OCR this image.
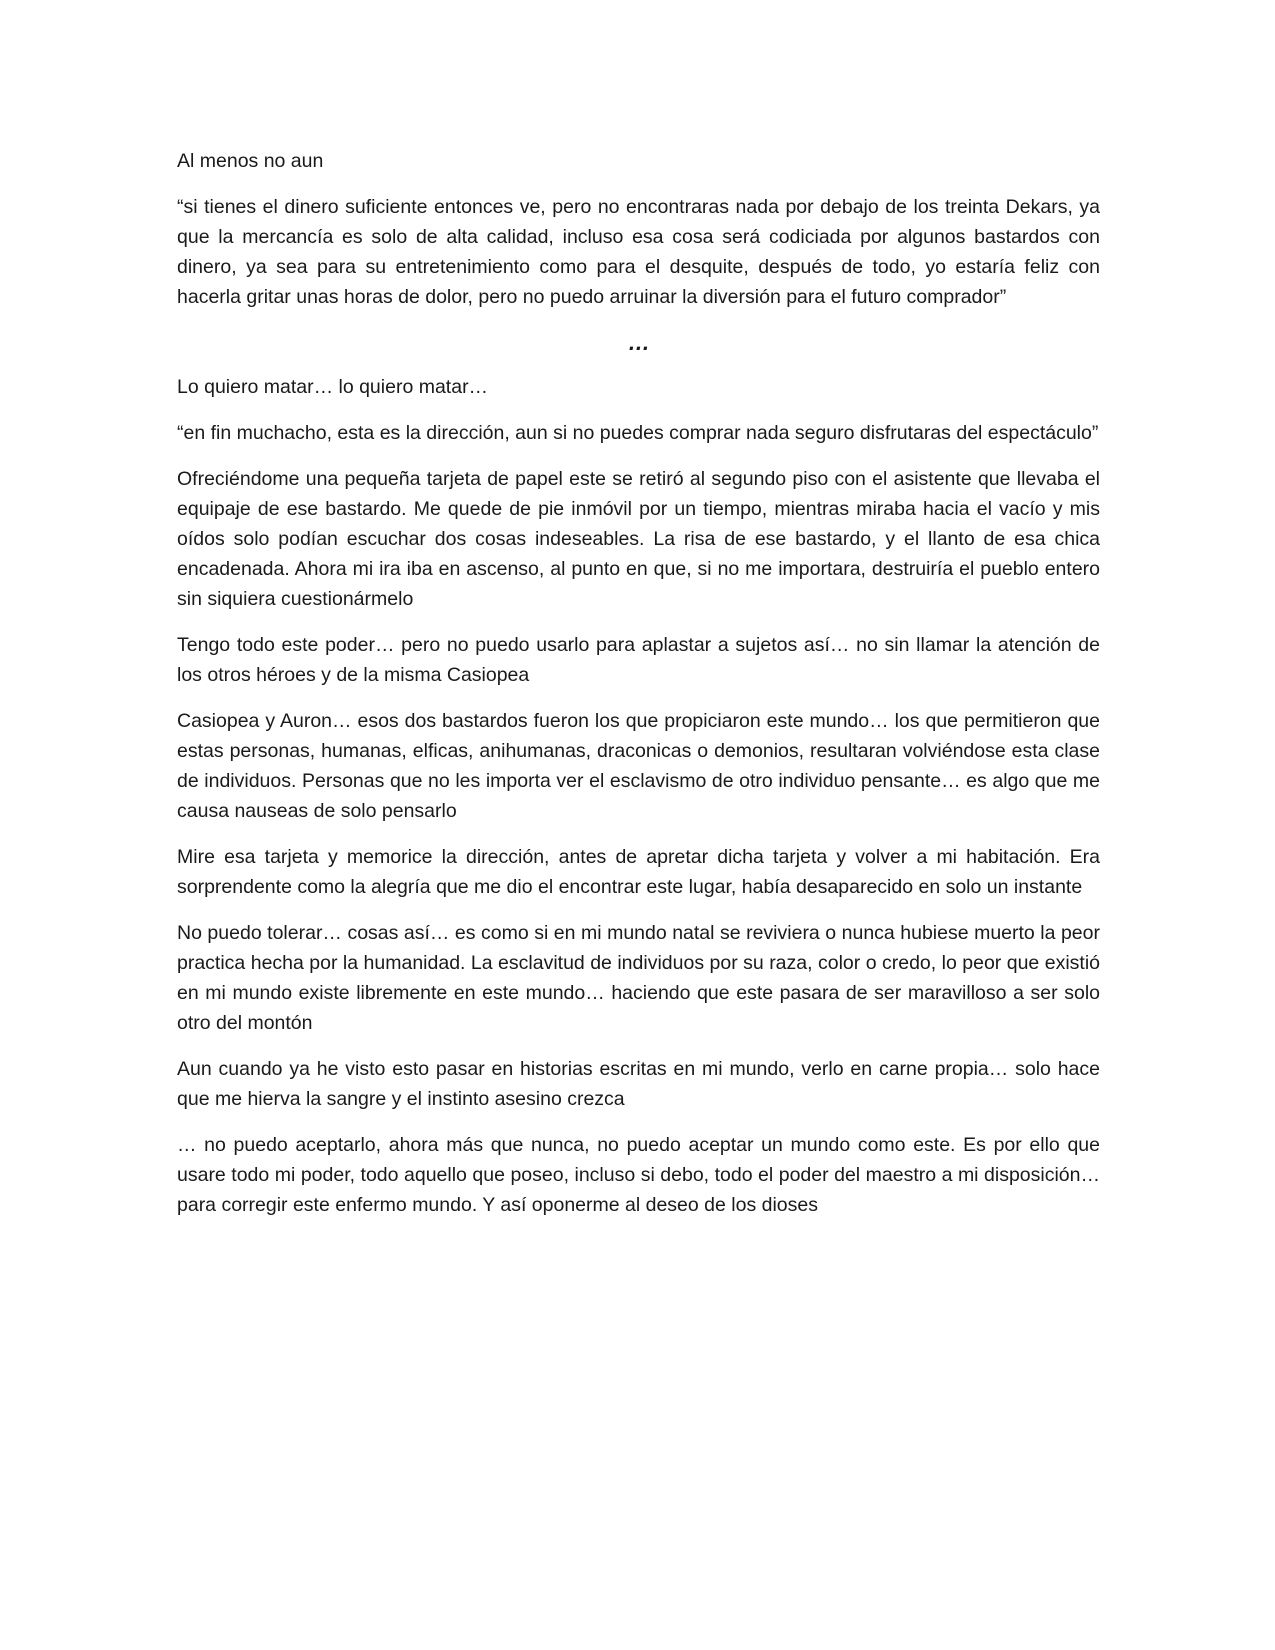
Al menos no aun

“si tienes el dinero suficiente entonces ve, pero no encontraras nada por debajo de los treinta Dekars, ya que la mercancía es solo de alta calidad, incluso esa cosa será codiciada por algunos bastardos con dinero, ya sea para su entretenimiento como para el desquite, después de todo, yo estaría feliz con hacerla gritar unas horas de dolor, pero no puedo arruinar la diversión para el futuro comprador”

…

Lo quiero matar… lo quiero matar…

“en fin muchacho, esta es la dirección, aun si no puedes comprar nada seguro disfrutaras del espectáculo”

Ofreciéndome una pequeña tarjeta de papel este se retiró al segundo piso con el asistente que llevaba el equipaje de ese bastardo. Me quede de pie inmóvil por un tiempo, mientras miraba hacia el vacío y mis oídos solo podían escuchar dos cosas indeseables. La risa de ese bastardo, y el llanto de esa chica encadenada. Ahora mi ira iba en ascenso, al punto en que, si no me importara, destruiría el pueblo entero sin siquiera cuestionármelo

Tengo todo este poder… pero no puedo usarlo para aplastar a sujetos así… no sin llamar la atención de los otros héroes y de la misma Casiopea

Casiopea y Auron… esos dos bastardos fueron los que propiciaron este mundo… los que permitieron que estas personas, humanas, elficas, anihumanas, draconicas o demonios, resultaran volviéndose esta clase de individuos. Personas que no les importa ver el esclavismo de otro individuo pensante… es algo que me causa nauseas de solo pensarlo

Mire esa tarjeta y memorice la dirección, antes de apretar dicha tarjeta y volver a mi habitación. Era sorprendente como la alegría que me dio el encontrar este lugar, había desaparecido en solo un instante

No puedo tolerar… cosas así… es como si en mi mundo natal se reviviera o nunca hubiese muerto la peor practica hecha por la humanidad. La esclavitud de individuos por su raza, color o credo, lo peor que existió en mi mundo existe libremente en este mundo… haciendo que este pasara de ser maravilloso a ser solo otro del montón

Aun cuando ya he visto esto pasar en historias escritas en mi mundo, verlo en carne propia… solo hace que me hierva la sangre y el instinto asesino crezca

… no puedo aceptarlo, ahora más que nunca, no puedo aceptar un mundo como este. Es por ello que usare todo mi poder, todo aquello que poseo, incluso si debo, todo el poder del maestro a mi disposición… para corregir este enfermo mundo. Y así oponerme al deseo de los dioses
